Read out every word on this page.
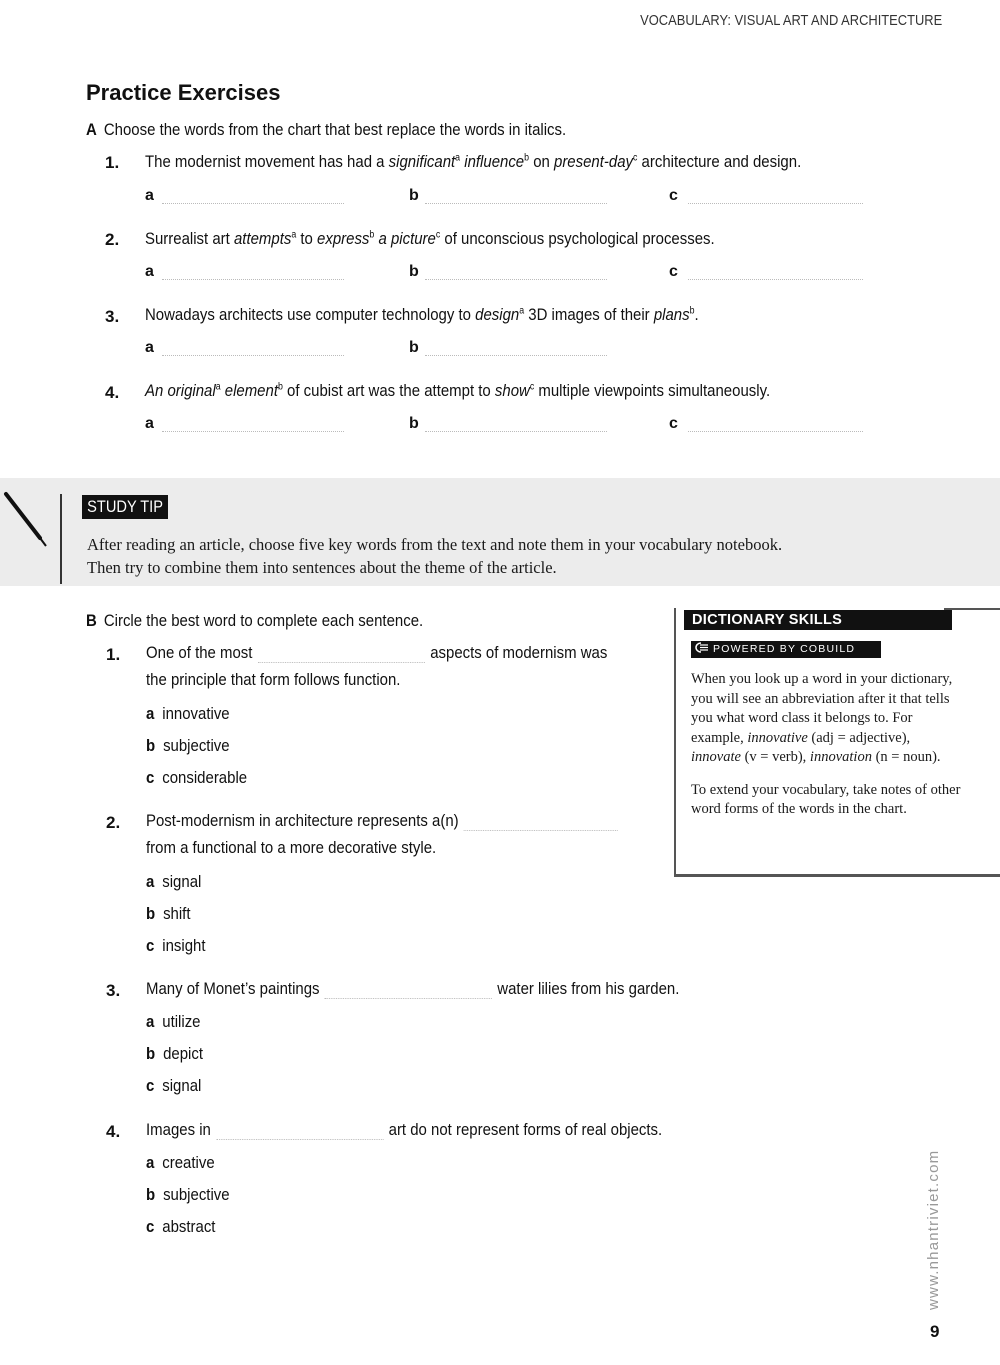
VOCABULARY: VISUAL ART AND ARCHITECTURE
Practice Exercises
A Choose the words from the chart that best replace the words in italics.
1. The modernist movement has had a significant$^a$ influence$^b$ on present-day$^c$ architecture and design.
a	b	c
2. Surrealist art attempts$^a$ to express$^b$ a picture$^c$ of unconscious psychological processes.
a	b	c
3. Nowadays architects use computer technology to design$^a$ 3D images of their plans$^b$.
a	b
4. An original$^a$ element$^b$ of cubist art was the attempt to show$^c$ multiple viewpoints simultaneously.
a	b	c
STUDY TIP
After reading an article, choose five key words from the text and note them in your vocabulary notebook.
Then try to combine them into sentences about the theme of the article.
B Circle the best word to complete each sentence.
1. One of the most	aspects of modernism was
the principle that form follows function.
a innovative
b subjective
c considerable
2. Post-modernism in architecture represents a(n)
from a functional to a more decorative style.
a signal
b shift
c insight
3. Many of Monet’s paintings	water lilies from his garden.
a utilize
b depict
c signal
4. Images in	art do not represent forms of real objects.
a creative
b subjective
c abstract
DICTIONARY SKILLS
POWERED BY COBUILD

When you look up a word in your dictionary, you will see an abbreviation after it that tells you what word class it belongs to. For example, innovative (adj = adjective), innovate (v = verb), innovation (n = noun).

To extend your vocabulary, take notes of other word forms of the words in the chart.

www.nhantriviet.com
9
